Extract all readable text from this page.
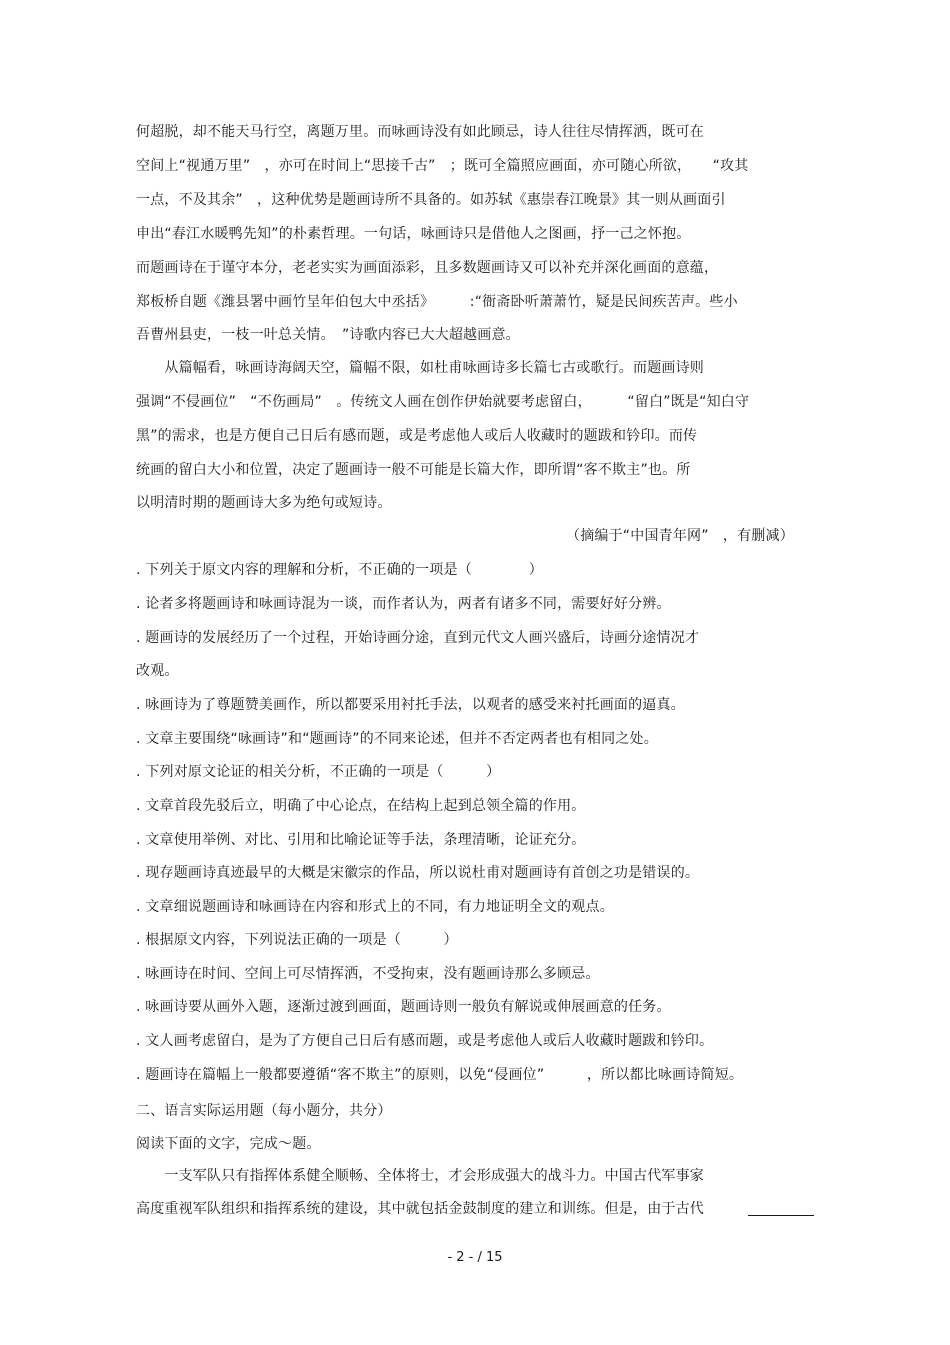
何超脱，却不能天马行空，离题万里。而咏画诗没有如此顾忌，诗人往往尽情挥洒，既可在
空间上“视通万里”　，亦可在时间上“思接千古”　；既可全篇照应画面，亦可随心所欲，　　“攻其
一点，不及其余”　，这种优势是题画诗所不具备的。如苏轼《惠崇春江晚景》其一则从画面引
申出“春江水暖鸭先知”的朴素哲理。一句话，咏画诗只是借他人之图画，抒一己之怀抱。
而题画诗在于谨守本分，老老实实为画面添彩，且多数题画诗又可以补充并深化画面的意蕴，
郑板桥自题《潍县署中画竹呈年伯包大中丞括》　　　:“衙斋卧听萧萧竹，疑是民间疾苦声。些小
吾曹州县吏，一枝一叶总关情。　”诗歌内容已大大超越画意。
　　从篇幅看，咏画诗海阔天空，篇幅不限，如杜甫咏画诗多长篇七古或歌行。而题画诗则
强调“不侵画位”　“不伤画局”　。传统文人画在创作伊始就要考虑留白，　　　“留白”既是“知白守
黑”的需求，也是方便自己日后有感而题，或是考虑他人或后人收藏时的题跋和钤印。而传
统画的留白大小和位置，决定了题画诗一般不可能是长篇大作，即所谓“客不欺主”也。所
以明清时期的题画诗大多为绝句或短诗。
（摘编于“中国青年网”　，有删减）
. 下列关于原文内容的理解和分析，不正确的一项是（　　　　）
. 论者多将题画诗和咏画诗混为一谈，而作者认为，两者有诸多不同，需要好好分辨。
. 题画诗的发展经历了一个过程，开始诗画分途，直到元代文人画兴盛后，诗画分途情况才
改观。
. 咏画诗为了尊题赞美画作，所以都要采用衬托手法，以观者的感受来衬托画面的逼真。
. 文章主要围绕“咏画诗”和“题画诗”的不同来论述，但并不否定两者也有相同之处。
. 下列对原文论证的相关分析，不正确的一项是（　　　）
. 文章首段先驳后立，明确了中心论点，在结构上起到总领全篇的作用。
. 文章使用举例、对比、引用和比喻论证等手法，条理清晰，论证充分。
. 现存题画诗真迹最早的大概是宋徽宗的作品，所以说杜甫对题画诗有首创之功是错误的。
. 文章细说题画诗和咏画诗在内容和形式上的不同，有力地证明全文的观点。
. 根据原文内容，下列说法正确的一项是（　　　）
. 咏画诗在时间、空间上可尽情挥洒，不受拘束，没有题画诗那么多顾忌。
. 咏画诗要从画外入题，逐渐过渡到画面，题画诗则一般负有解说或伸展画意的任务。
. 文人画考虑留白，是为了方便自己日后有感而题，或是考虑他人或后人收藏时题跋和钤印。
. 题画诗在篇幅上一般都要遵循“客不欺主”的原则，以免“侵画位”　　　，所以都比咏画诗简短。
二、语言实际运用题（每小题分，共分）
阅读下面的文字，完成～题。
　　一支军队只有指挥体系健全顺畅、全体将士，才会形成强大的战斗力。中国古代军事家
高度重视军队组织和指挥系统的建设，其中就包括金鼓制度的建立和训练。但是，由于古代
- 2 - / 15
